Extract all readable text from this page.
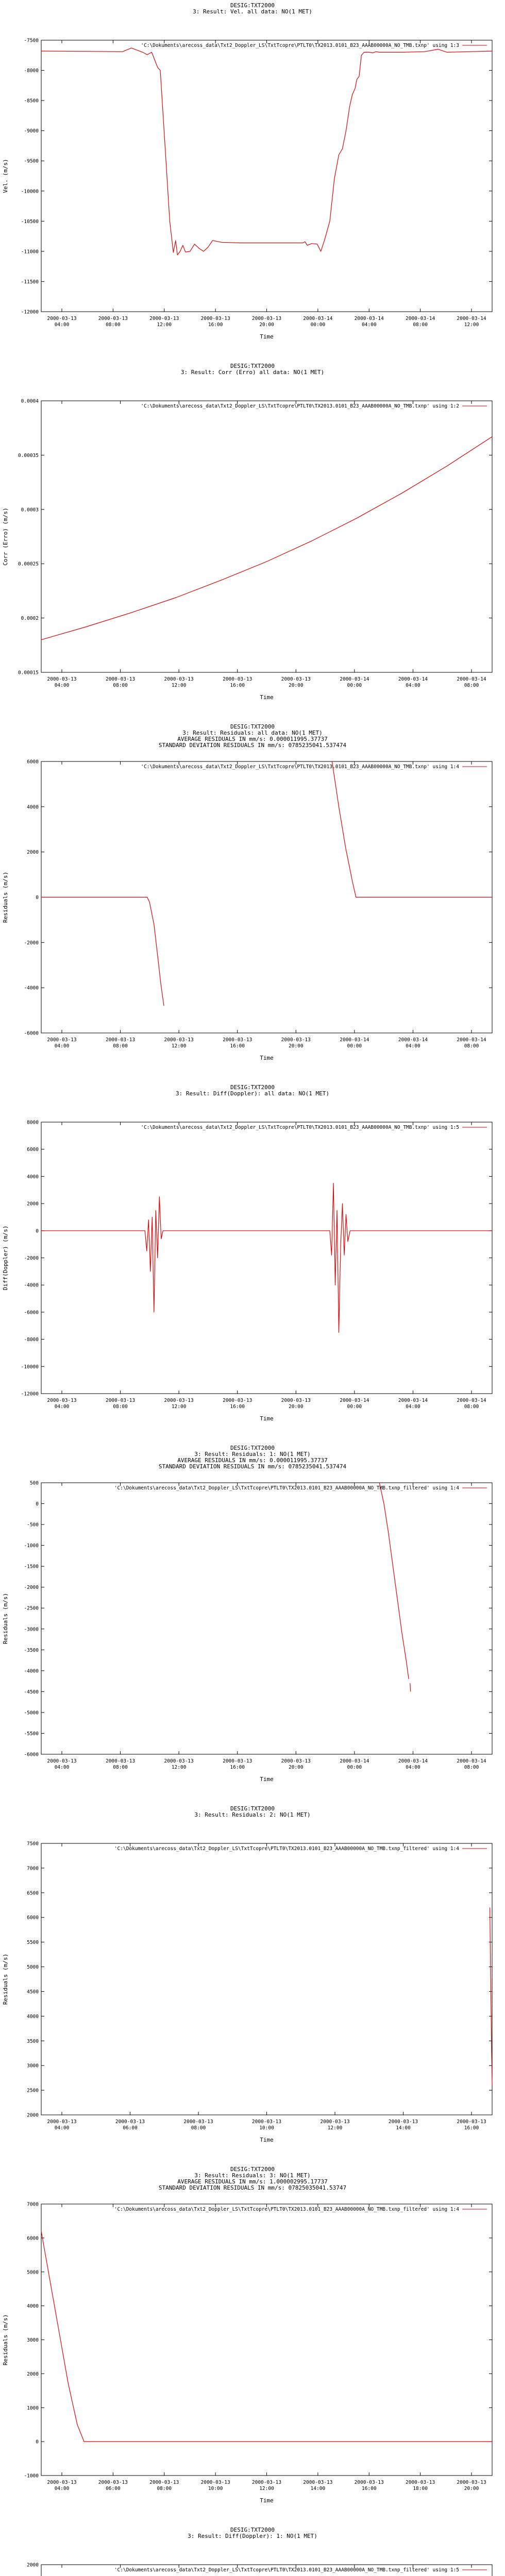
DESIG:TXT2000
3: Result: Vel. all data: NO(1 MET)
'C:\Dokuments\arecoss_data\Txt2_Doppler_LS\TxtTcopre\PTLT0\TX2013.0101_B23_AAAB00000A_NO_TMB.txnp' using 1:3
-7500
-8000
-8500
-9000
-9500
-10000
-10500
-11000
-11500
-12000
2000-03-13
04:00
2000-03-13
08:00
2000-03-13
12:00
2000-03-13
16:00
2000-03-13
20:00
2000-03-14
00:00
2000-03-14
04:00
2000-03-14
08:00
2000-03-14
12:00
Time
Vel. (m/s)
DESIG:TXT2000
3: Result: Corr (Erro) all data: NO(1 MET)
'C:\Dokuments\arecoss_data\Txt2_Doppler_LS\TxtTcopre\PTLT0\TX2013.0101_B23_AAAB00000A_NO_TMB.txnp' using 1:2
0.0004
0.00035
0.0003
0.00025
0.0002
0.00015
2000-03-13
04:00
2000-03-13
08:00
2000-03-13
12:00
2000-03-13
16:00
2000-03-13
20:00
2000-03-14
00:00
2000-03-14
04:00
2000-03-14
08:00
Time
Corr (Erro) (m/s)
DESIG:TXT2000
3: Result: Residuals: all data: NO(1 MET)
AVERAGE RESIDUALS IN mm/s: 0.000011995.37737
STANDARD DEVIATION RESIDUALS IN mm/s: 0785235041.537474
'C:\Dokuments\arecoss_data\Txt2_Doppler_LS\TxtTcopre\PTLT0\TX2013.0101_B23_AAAB00000A_NO_TMB.txnp' using 1:4
6000
4000
2000
0
-2000
-4000
-6000
2000-03-13
04:00
2000-03-13
08:00
2000-03-13
12:00
2000-03-13
16:00
2000-03-13
20:00
2000-03-14
00:00
2000-03-14
04:00
2000-03-14
08:00
Time
Residuals (m/s)
DESIG:TXT2000
3: Result: Diff(Doppler): all data: NO(1 MET)
'C:\Dokuments\arecoss_data\Txt2_Doppler_LS\TxtTcopre\PTLT0\TX2013.0101_B23_AAAB00000A_NO_TMB.txnp' using 1:5
8000
6000
4000
2000
0
-2000
-4000
-6000
-8000
-10000
-12000
2000-03-13
04:00
2000-03-13
08:00
2000-03-13
12:00
2000-03-13
16:00
2000-03-13
20:00
2000-03-14
00:00
2000-03-14
04:00
2000-03-14
08:00
Time
Diff(Doppler) (m/s)
DESIG:TXT2000
3: Result: Residuals: 1: NO(1 MET)
AVERAGE RESIDUALS IN mm/s: 0.000011995.37737
STANDARD DEVIATION RESIDUALS IN mm/s: 0785235041.537474
'C:\Dokuments\arecoss_data\Txt2_Doppler_LS\TxtTcopre\PTLT0\TX2013.0101_B23_AAAB00000A_NO_TMB.txnp_filtered' using 1:4
500
0
-500
-1000
-1500
-2000
-2500
-3000
-3500
-4000
-4500
-5000
-5500
-6000
2000-03-13
04:00
2000-03-13
08:00
2000-03-13
12:00
2000-03-13
16:00
2000-03-13
20:00
2000-03-14
00:00
2000-03-14
04:00
2000-03-14
08:00
Time
Residuals (m/s)
DESIG:TXT2000
3: Result: Residuals: 2: NO(1 MET)
'C:\Dokuments\arecoss_data\Txt2_Doppler_LS\TxtTcopre\PTLT0\TX2013.0101_B23_AAAB00000A_NO_TMB.txnp_filtered' using 1:4
7500
7000
6500
6000
5500
5000
4500
4000
3500
3000
2500
2000
2000-03-13
04:00
2000-03-13
06:00
2000-03-13
08:00
2000-03-13
10:00
2000-03-13
12:00
2000-03-13
14:00
2000-03-13
16:00
Time
Residuals (m/s)
DESIG:TXT2000
3: Result: Residuals: 3: NO(1 MET)
AVERAGE RESIDUALS IN mm/s: 1.000002995.17737
STANDARD DEVIATION RESIDUALS IN mm/s: 07825035041.53747
'C:\Dokuments\arecoss_data\Txt2_Doppler_LS\TxtTcopre\PTLT0\TX2013.0101_B23_AAAB00000A_NO_TMB.txnp_filtered' using 1:4
7000
6000
5000
4000
3000
2000
1000
0
-1000
2000-03-13
04:00
2000-03-13
06:00
2000-03-13
08:00
2000-03-13
10:00
2000-03-13
12:00
2000-03-13
14:00
2000-03-13
16:00
2000-03-13
18:00
2000-03-13
20:00
Time
Residuals (m/s)
DESIG:TXT2000
3: Result: Diff(Doppler): 1: NO(1 MET)
'C:\Dokuments\arecoss_data\Txt2_Doppler_LS\TxtTcopre\PTLT0\TX2013.0101_B23_AAAB00000A_NO_TMB.txnp_filtered' using 1:5
2000
